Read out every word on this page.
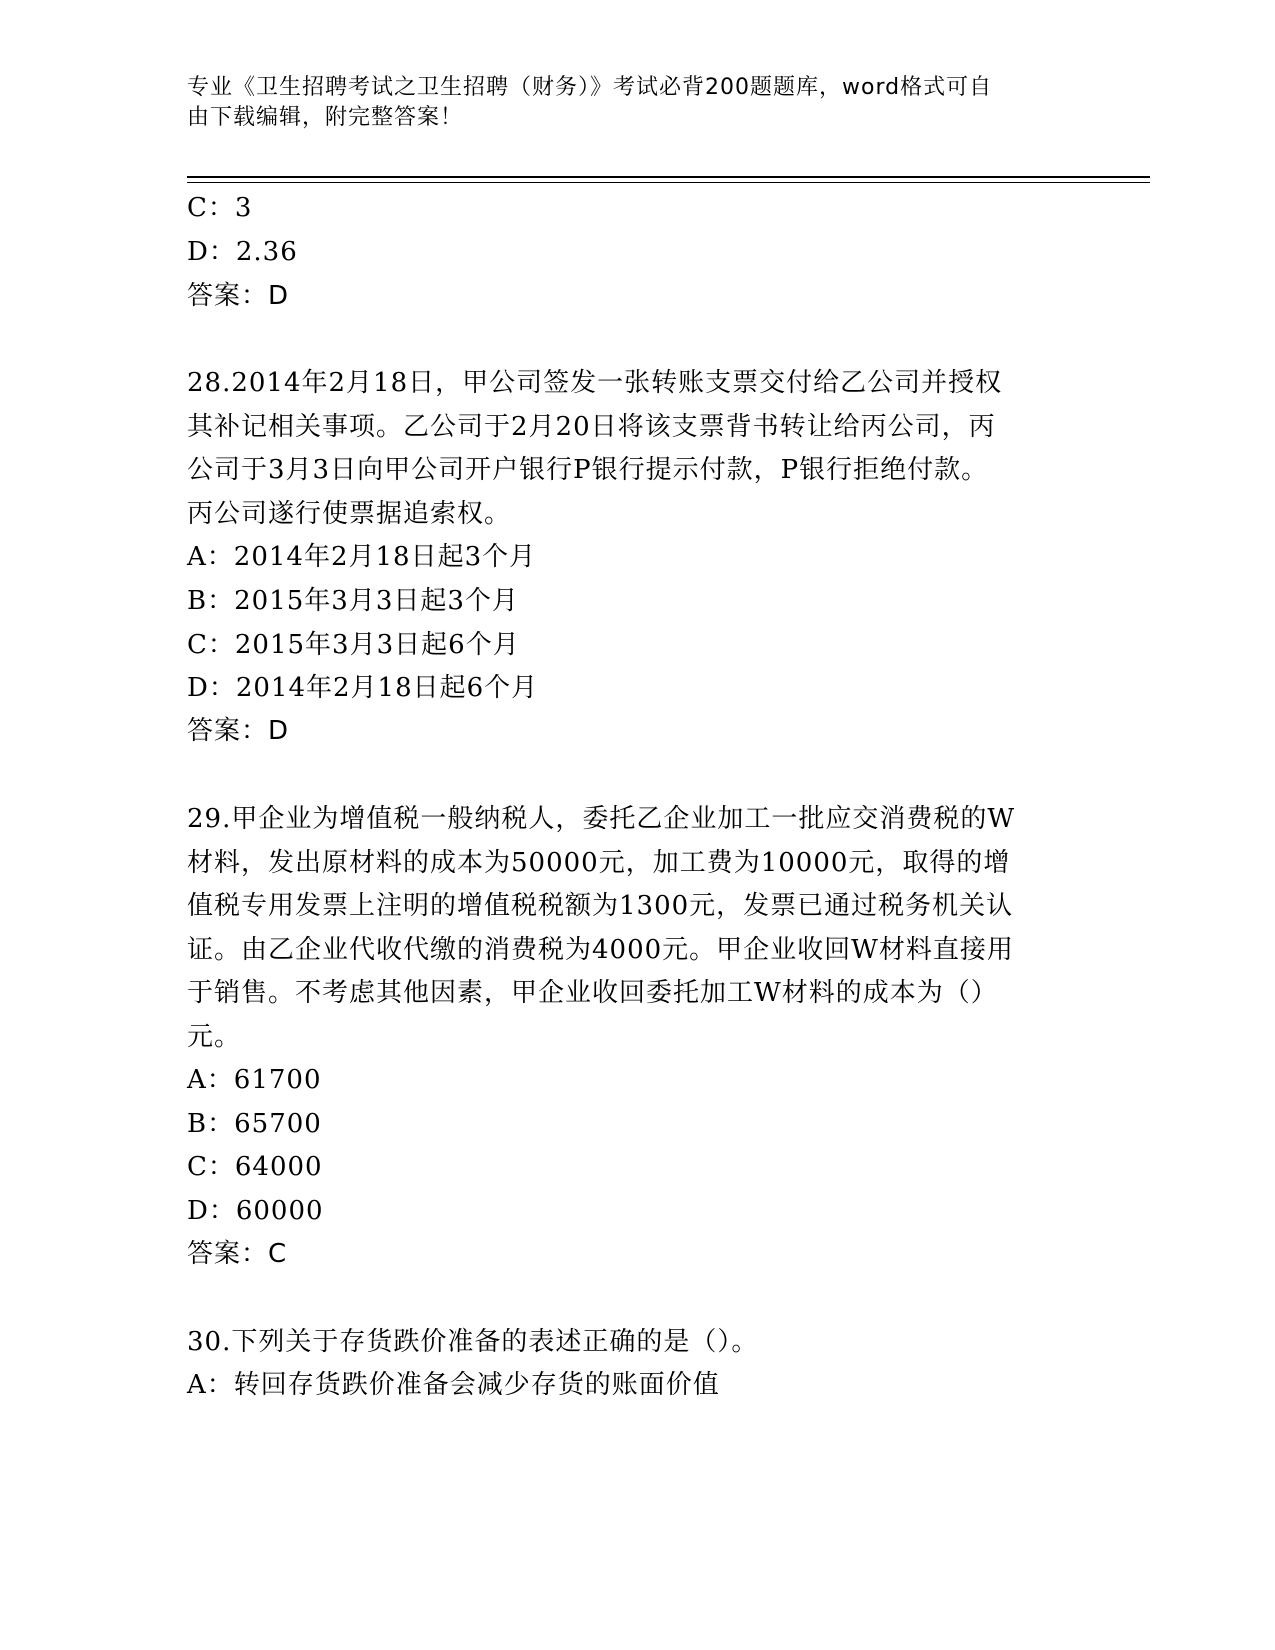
专业《卫生招聘考试之卫生招聘（财务）》考试必背200题题库，word格式可自
由下载编辑，附完整答案！
C：3
D：2.36
答案：D
28.2014年2月18日，甲公司签发一张转账支票交付给乙公司并授权
其补记相关事项。乙公司于2月20日将该支票背书转让给丙公司，丙
公司于3月3日向甲公司开户银行P银行提示付款，P银行拒绝付款。
丙公司遂行使票据追索权。
A：2014年2月18日起3个月
B：2015年3月3日起3个月
C：2015年3月3日起6个月
D：2014年2月18日起6个月
答案：D
29.甲企业为增值税一般纳税人，委托乙企业加工一批应交消费税的W
材料，发出原材料的成本为50000元，加工费为10000元，取得的增
值税专用发票上注明的增值税税额为1300元，发票已通过税务机关认
证。由乙企业代收代缴的消费税为4000元。甲企业收回W材料直接用
于销售。不考虑其他因素，甲企业收回委托加工W材料的成本为（）
元。
A：61700
B：65700
C：64000
D：60000
答案：C
30.下列关于存货跌价准备的表述正确的是（）。
A：转回存货跌价准备会减少存货的账面价值
